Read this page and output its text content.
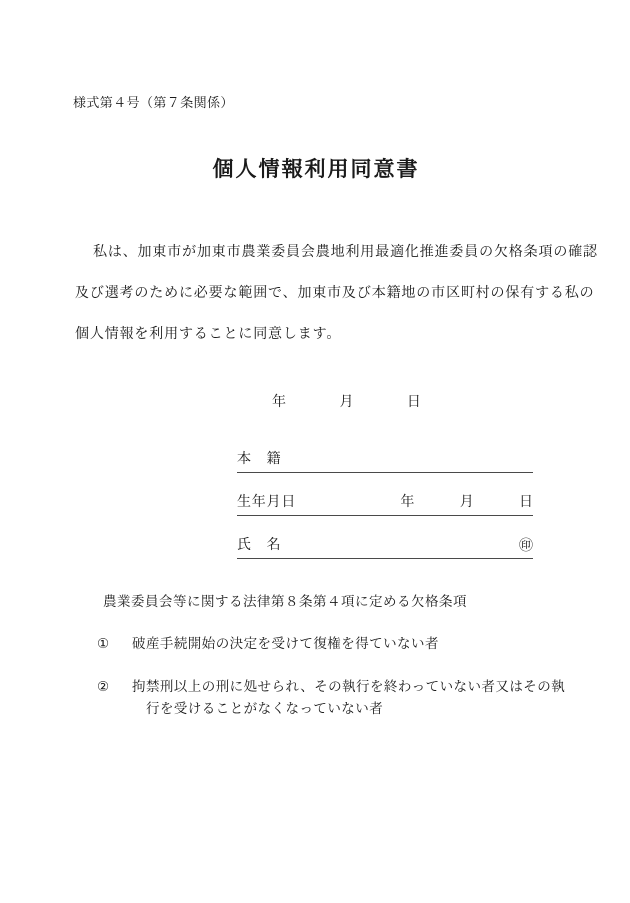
様式第４号（第７条関係）
個人情報利用同意書
私は、加東市が加東市農業委員会農地利用最適化推進委員の欠格条項の確認
及び選考のために必要な範囲で、加東市及び本籍地の市区町村の保有する私の
個人情報を利用することに同意します。
年	月	日
本　籍
生年月日	年	月	日
氏　名	㊞
農業委員会等に関する法律第８条第４項に定める欠格条項
① 破産手続開始の決定を受けて復権を得ていない者
② 拘禁刑以上の刑に処せられ、その執行を終わっていない者又はその執
行を受けることがなくなっていない者
